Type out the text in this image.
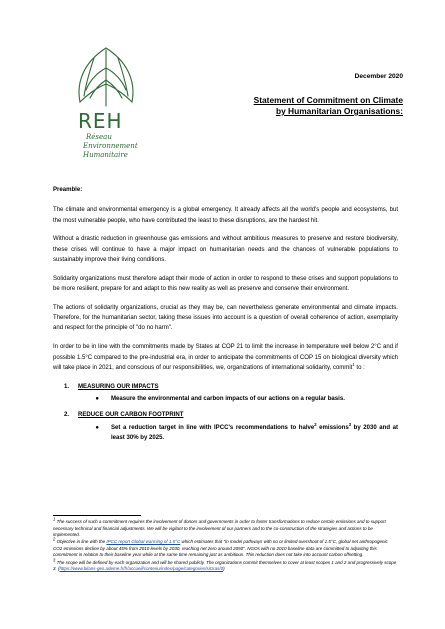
REH
Réseau
Environnement
Humanitaire
December 2020
Statement of Commitment on Climate
by Humanitarian Organisations:

Preamble:

The climate and environmental emergency is a global emergency. It already affects all the world's people and ecosystems, but the most vulnerable people, who have contributed the least to these disruptions, are the hardest hit.

Without a drastic reduction in greenhouse gas emissions and without ambitious measures to preserve and restore biodiversity, these crises will continue to have a major impact on humanitarian needs and the chances of vulnerable populations to sustainably improve their living conditions.

Solidarity organizations must therefore adapt their mode of action in order to respond to these crises and support populations to be more resilient, prepare for and adapt to this new reality as well as preserve and conserve their environment.

The actions of solidarity organizations, crucial as they may be, can nevertheless generate environmental and climate impacts. Therefore, for the humanitarian sector, taking these issues into account is a question of overall coherence of action, exemplarity and respect for the principle of "do no harm".

In order to be in line with the commitments made by States at COP 21 to limit the increase in temperature well below 2°C and if possible 1.5°C compared to the pre-industrial era, in order to anticipate the commitments of COP 15 on biological diversity which will take place in 2021, and conscious of our responsibilities, we, organizations of international solidarity, commit$^1$ to :

1.	MEASURING OUR IMPACTS
●	Measure the environmental and carbon impacts of our actions on a regular basis.
2.	REDUCE OUR CARBON FOOTPRINT
●	Set a reduction target in line with IPCC's recommendations to halve$^2$ emissions$^3$ by 2030 and at least 30% by 2025.

$^1$ The success of such a commitment requires the involvement of donors and governments in order to foster transformations to reduce certain emissions and to support necessary technical and financial adjustments. We will be vigilant to the involvement of our partners and to the co-construction of the strategies and actions to be implemented.

$^2$ Objective in line with the IPCC report Global warming of 1.5°C which estimates that "in model pathways with no or limited overshoot of 1.5°C, global net anthropogenic CO2 emissions decline by about 45% from 2010 levels by 2030, reaching net zero around 2050". NGOs with no 2010 baseline data are committed to adjusting this commitment in relation to their baseline year while at the same time remaining just as ambitious. This reduction does not take into account carbon offsetting.

$^3$ The scope will be defined by each organization and will be shared publicly. The organizations commit themselves to cover at least scopes 1 and 2 and progressively scope 3. (https://www.bilans-ges.ademe.fr/fr/accueil/contenu/index/page/categories/siGras/0)
